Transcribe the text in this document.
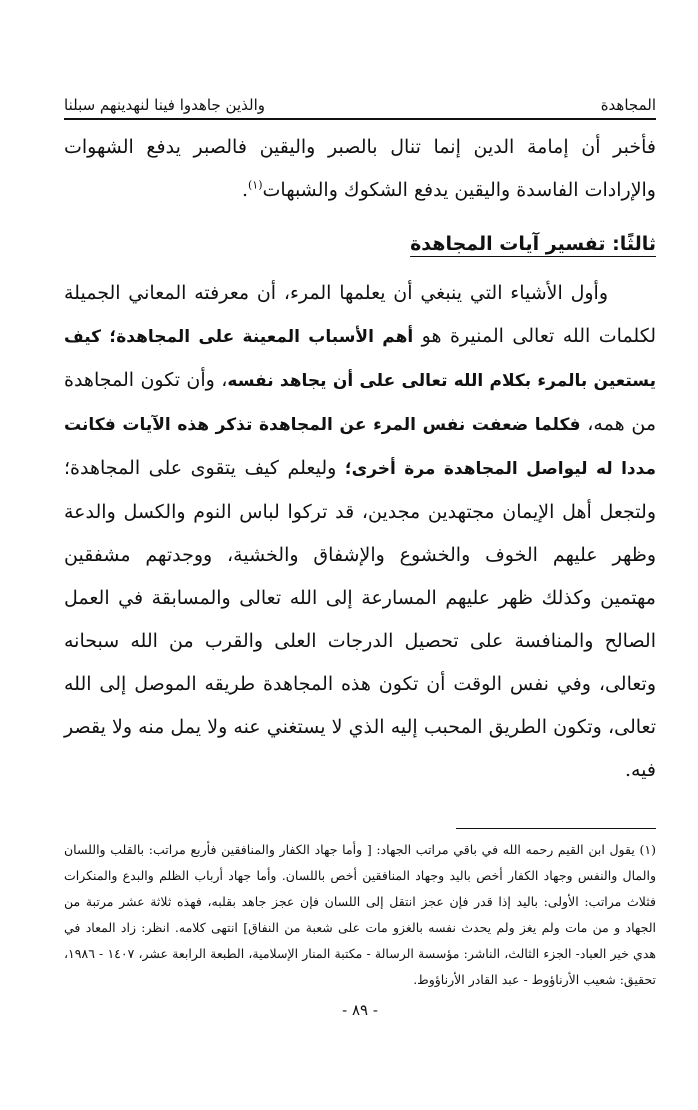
المجاهدة
والذين جاهدوا فينا لنهدينهم سبلنا

فأخبر أن إمامة الدين إنما تنال بالصبر واليقين فالصبر يدفع الشهوات والإرادات الفاسدة واليقين يدفع الشكوك والشبهات$^{(١)}$.

ثالثًا: تفسير آيات المجاهدة

وأول الأشياء التي ينبغي أن يعلمها المرء، أن معرفته المعاني الجميلة لكلمات الله تعالى المنيرة هو أهم الأسباب المعينة على المجاهدة؛ كيف يستعين بالمرء بكلام الله تعالى على أن يجاهد نفسه، وأن تكون المجاهدة من همه، فكلما ضعفت نفس المرء عن المجاهدة تذكر هذه الآيات فكانت مددا له ليواصل المجاهدة مرة أخرى؛ وليعلم كيف يتقوى على المجاهدة؛ ولتجعل أهل الإيمان مجتهدين مجدين، قد تركوا لباس النوم والكسل والدعة وظهر عليهم الخوف والخشوع والإشفاق والخشية، ووجدتهم مشفقين مهتمين وكذلك ظهر عليهم المسارعة إلى الله تعالى والمسابقة في العمل الصالح والمنافسة على تحصيل الدرجات العلى والقرب من الله سبحانه وتعالى، وفي نفس الوقت أن تكون هذه المجاهدة طريقه الموصل إلى الله تعالى، وتكون الطريق المحبب إليه الذي لا يستغني عنه ولا يمل منه ولا يقصر فيه.

(١) يقول ابن القيم رحمه الله في باقي مراتب الجهاد: [ وأما جهاد الكفار والمنافقين فأربع مراتب: بالقلب واللسان والمال والنفس وجهاد الكفار أخص باليد وجهاد المنافقين أخص باللسان. وأما جهاد أرباب الظلم والبدع والمنكرات فثلاث مراتب: الأولى: باليد إذا قدر فإن عجز انتقل إلى اللسان فإن عجز جاهد بقلبه، فهذه ثلاثة عشر مرتبة من الجهاد و من مات ولم يغز ولم يحدث نفسه بالغزو مات على شعبة من النفاق] انتهى كلامه. انظر: زاد المعاد في هدي خير العباد- الجزء الثالث، الناشر: مؤسسة الرسالة - مكتبة المنار الإسلامية، الطبعة الرابعة عشر، ١٤٠٧ - ١٩٨٦، تحقيق: شعيب الأرناؤوط - عبد القادر الأرناؤوط.

- ٨٩ -
